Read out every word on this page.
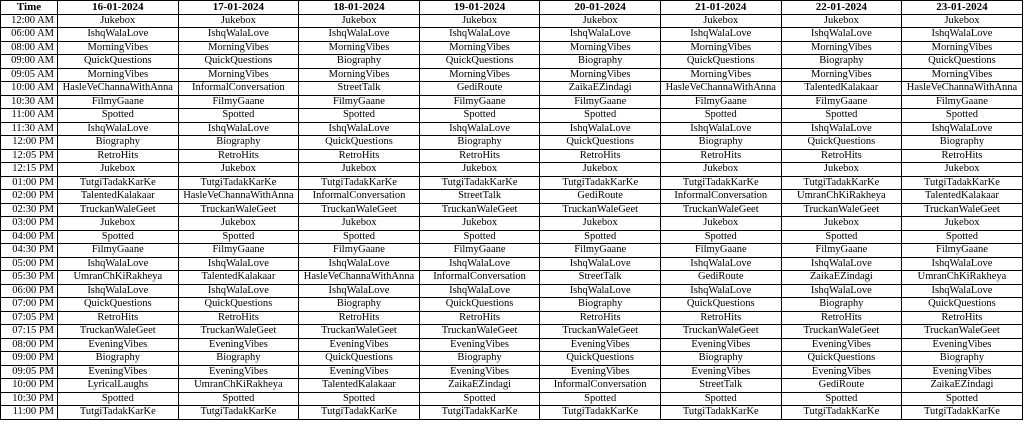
Time	16-01-2024	17-01-2024	18-01-2024	19-01-2024	20-01-2024	21-01-2024	22-01-2024	23-01-2024
12:00 AM	Jukebox	Jukebox	Jukebox	Jukebox	Jukebox	Jukebox	Jukebox	Jukebox
06:00 AM	IshqWalaLove	IshqWalaLove	IshqWalaLove	IshqWalaLove	IshqWalaLove	IshqWalaLove	IshqWalaLove	IshqWalaLove
08:00 AM	MorningVibes	MorningVibes	MorningVibes	MorningVibes	MorningVibes	MorningVibes	MorningVibes	MorningVibes
09:00 AM	QuickQuestions	QuickQuestions	Biography	QuickQuestions	Biography	QuickQuestions	Biography	QuickQuestions
09:05 AM	MorningVibes	MorningVibes	MorningVibes	MorningVibes	MorningVibes	MorningVibes	MorningVibes	MorningVibes
10:00 AM	HasleVeChannaWithAnna	InformalConversation	StreetTalk	GediRoute	ZaikaEZindagi	HasleVeChannaWithAnna	TalentedKalakaar	HasleVeChannaWithAnna
10:30 AM	FilmyGaane	FilmyGaane	FilmyGaane	FilmyGaane	FilmyGaane	FilmyGaane	FilmyGaane	FilmyGaane
11:00 AM	Spotted	Spotted	Spotted	Spotted	Spotted	Spotted	Spotted	Spotted
11:30 AM	IshqWalaLove	IshqWalaLove	IshqWalaLove	IshqWalaLove	IshqWalaLove	IshqWalaLove	IshqWalaLove	IshqWalaLove
12:00 PM	Biography	Biography	QuickQuestions	Biography	QuickQuestions	Biography	QuickQuestions	Biography
12:05 PM	RetroHits	RetroHits	RetroHits	RetroHits	RetroHits	RetroHits	RetroHits	RetroHits
12:15 PM	Jukebox	Jukebox	Jukebox	Jukebox	Jukebox	Jukebox	Jukebox	Jukebox
01:00 PM	TutgiTadakKarKe	TutgiTadakKarKe	TutgiTadakKarKe	TutgiTadakKarKe	TutgiTadakKarKe	TutgiTadakKarKe	TutgiTadakKarKe	TutgiTadakKarKe
02:00 PM	TalentedKalakaar	HasleVeChannaWithAnna	InformalConversation	StreetTalk	GediRoute	InformalConversation	UmranChKiRakheya	TalentedKalakaar
02:30 PM	TruckanWaleGeet	TruckanWaleGeet	TruckanWaleGeet	TruckanWaleGeet	TruckanWaleGeet	TruckanWaleGeet	TruckanWaleGeet	TruckanWaleGeet
03:00 PM	Jukebox	Jukebox	Jukebox	Jukebox	Jukebox	Jukebox	Jukebox	Jukebox
04:00 PM	Spotted	Spotted	Spotted	Spotted	Spotted	Spotted	Spotted	Spotted
04:30 PM	FilmyGaane	FilmyGaane	FilmyGaane	FilmyGaane	FilmyGaane	FilmyGaane	FilmyGaane	FilmyGaane
05:00 PM	IshqWalaLove	IshqWalaLove	IshqWalaLove	IshqWalaLove	IshqWalaLove	IshqWalaLove	IshqWalaLove	IshqWalaLove
05:30 PM	UmranChKiRakheya	TalentedKalakaar	HasleVeChannaWithAnna	InformalConversation	StreetTalk	GediRoute	ZaikaEZindagi	UmranChKiRakheya
06:00 PM	IshqWalaLove	IshqWalaLove	IshqWalaLove	IshqWalaLove	IshqWalaLove	IshqWalaLove	IshqWalaLove	IshqWalaLove
07:00 PM	QuickQuestions	QuickQuestions	Biography	QuickQuestions	Biography	QuickQuestions	Biography	QuickQuestions
07:05 PM	RetroHits	RetroHits	RetroHits	RetroHits	RetroHits	RetroHits	RetroHits	RetroHits
07:15 PM	TruckanWaleGeet	TruckanWaleGeet	TruckanWaleGeet	TruckanWaleGeet	TruckanWaleGeet	TruckanWaleGeet	TruckanWaleGeet	TruckanWaleGeet
08:00 PM	EveningVibes	EveningVibes	EveningVibes	EveningVibes	EveningVibes	EveningVibes	EveningVibes	EveningVibes
09:00 PM	Biography	Biography	QuickQuestions	Biography	QuickQuestions	Biography	QuickQuestions	Biography
09:05 PM	EveningVibes	EveningVibes	EveningVibes	EveningVibes	EveningVibes	EveningVibes	EveningVibes	EveningVibes
10:00 PM	LyricalLaughs	UmranChKiRakheya	TalentedKalakaar	ZaikaEZindagi	InformalConversation	StreetTalk	GediRoute	ZaikaEZindagi
10:30 PM	Spotted	Spotted	Spotted	Spotted	Spotted	Spotted	Spotted	Spotted
11:00 PM	TutgiTadakKarKe	TutgiTadakKarKe	TutgiTadakKarKe	TutgiTadakKarKe	TutgiTadakKarKe	TutgiTadakKarKe	TutgiTadakKarKe	TutgiTadakKarKe
